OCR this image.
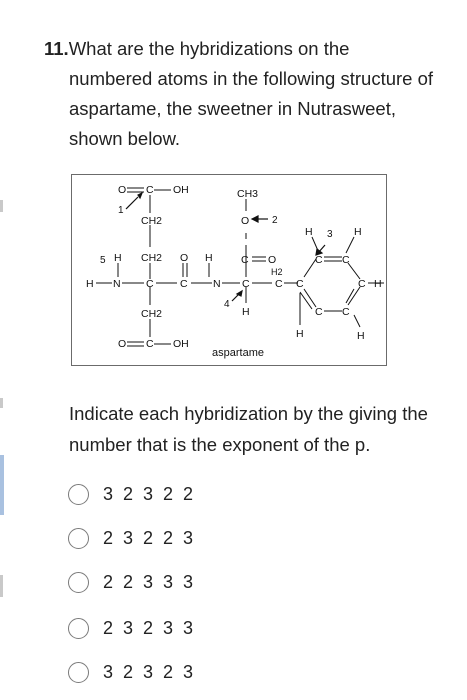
11.What are the hybridizations on the
numbered atoms in the following structure of aspartame, the sweetner in Nutrasweet, shown below.
O C OH
CH2
CH2
CH2
CH3
O
C O
H N
H
C	C
O H
N C
H
H2
C
O C OH
C
C C
C
C
C
H	H
H
H	H
1
2
3
4
5
aspartame
Indicate each hybridization by the giving the number that is the exponent of the p.
3 2 3 2 2
2 3 2 2 3
2 2 3 3 3
2 3 2 3 3
3 2 3 2 3
